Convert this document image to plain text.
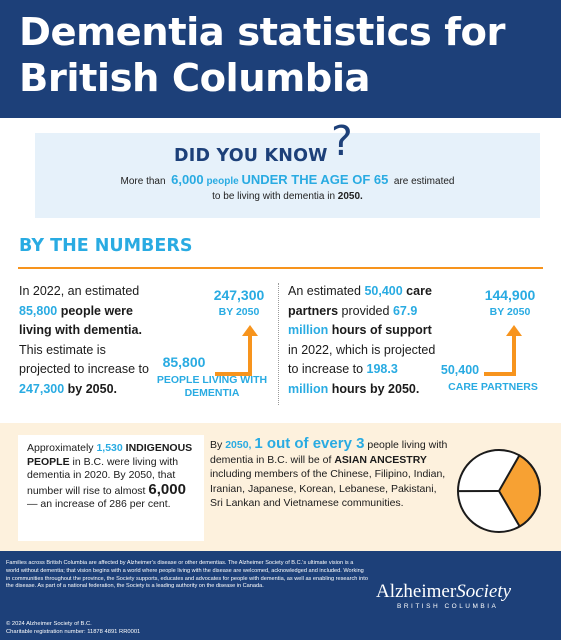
Dementia statistics for British Columbia
DID YOU KNOW ?
More than 6,000 people UNDER THE AGE OF 65 are estimated
to be living with dementia in 2050.
BY THE NUMBERS
In 2022, an estimated 85,800 people were living with dementia. This estimate is projected to increase to 247,300 by 2050.
247,300
BY 2050
85,800
PEOPLE LIVING WITH DEMENTIA
An estimated 50,400 care partners provided 67.9 million hours of support in 2022, which is projected to increase to 198.3 million hours by 2050.
144,900
BY 2050
50,400
CARE PARTNERS
Approximately 1,530 INDIGENOUS PEOPLE in B.C. were living with dementia in 2020. By 2050, that number will rise to almost 6,000 — an increase of 286 per cent.
By 2050, 1 out of every 3 people living with dementia in B.C. will be of ASIAN ANCESTRY including members of the Chinese, Filipino, Indian, Iranian, Japanese, Korean, Lebanese, Pakistani, Sri Lankan and Vietnamese communities.
Families across British Columbia are affected by Alzheimer’s disease or other dementias. The Alzheimer Society of B.C.’s ultimate vision is a world without dementia; that vision begins with a world where people living with the disease are welcomed, acknowledged and included. Working in communities throughout the province, the Society supports, educates and advocates for people with dementia, as well as enabling research into the disease. As part of a national federation, the Society is a leading authority on the disease in Canada.
© 2024 Alzheimer Society of B.C.
Charitable registration number: 11878 4891 RR0001
AlzheimerSociety
BRITISH COLUMBIA
